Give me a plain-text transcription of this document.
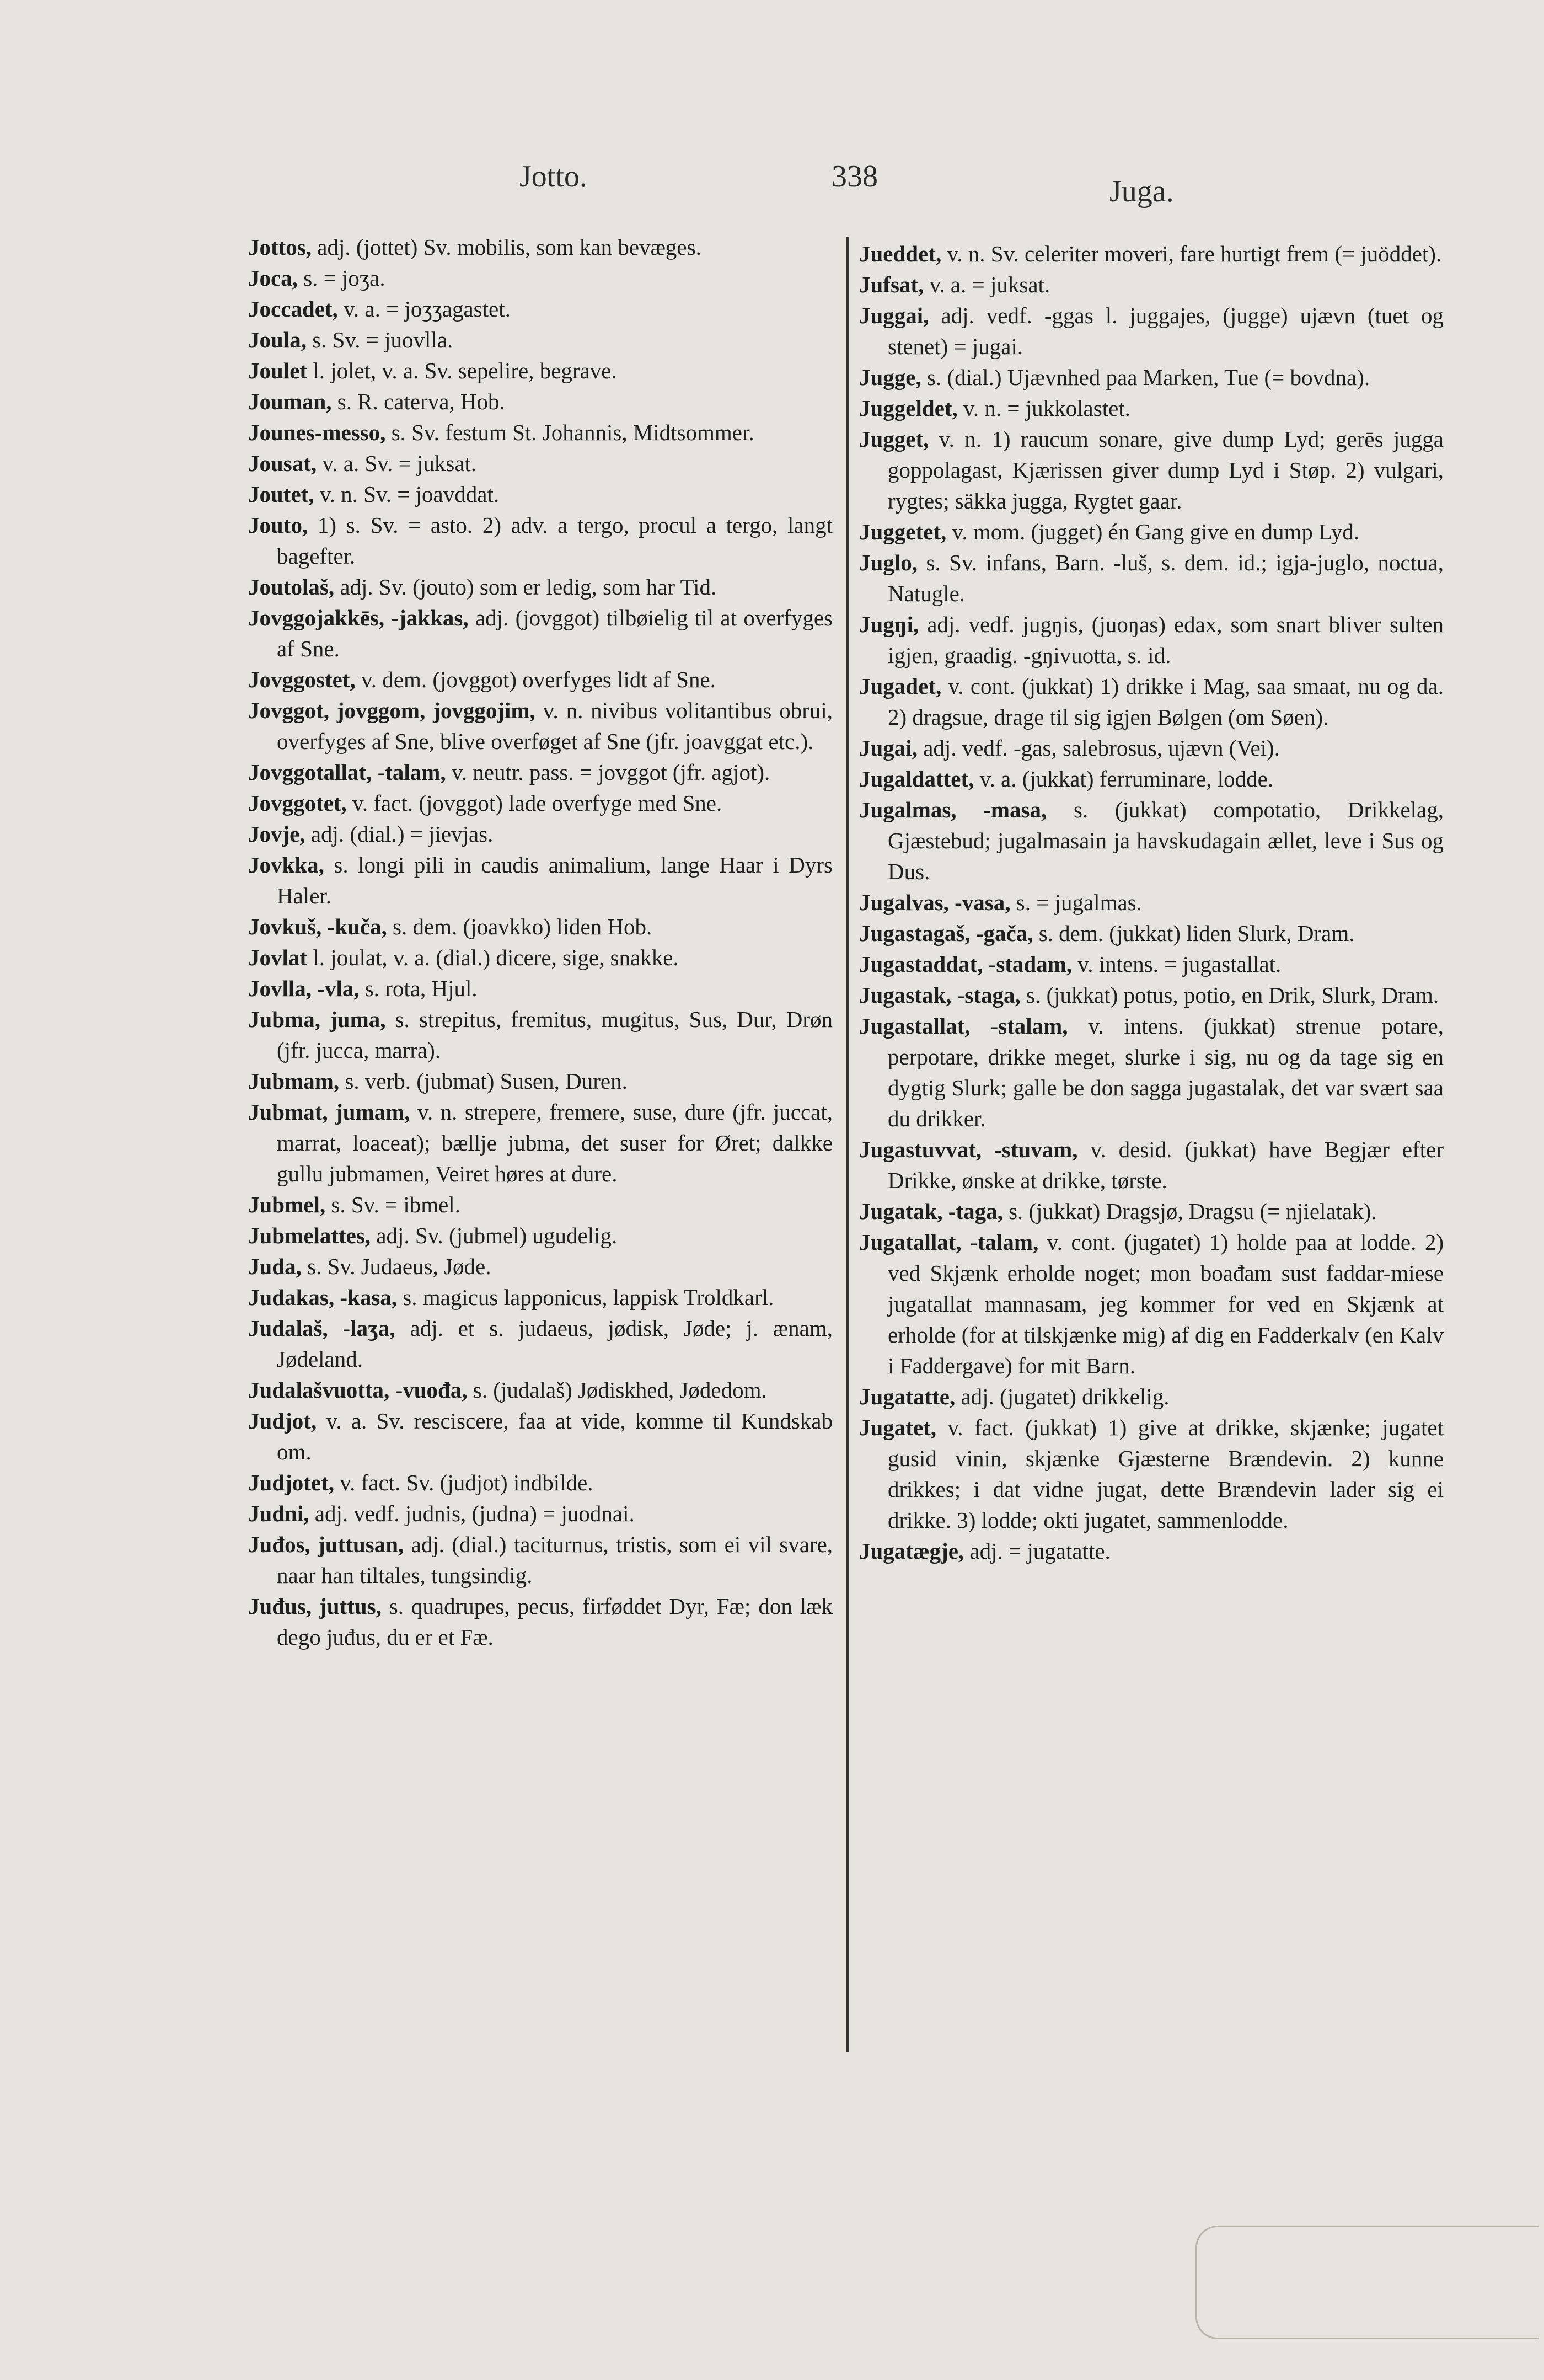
Jotto.	338	Juga.

Jottos, adj. (jottet) Sv. mobilis, som kan bevæges.

Joca, s. = joʒa.

Joccadet, v. a. = joʒʒagastet.

Joula, s. Sv. = juovlla.

Joulet l. jolet, v. a. Sv. sepelire, begrave.

Jouman, s. R. caterva, Hob.

Jounes-messo, s. Sv. festum St. Johannis, Midtsommer.

Jousat, v. a. Sv. = juksat.

Joutet, v. n. Sv. = joavddat.

Jouto, 1) s. Sv. = asto. 2) adv. a tergo, procul a tergo, langt bagefter.

Joutolaš, adj. Sv. (jouto) som er ledig, som har Tid.

Jovggojakkēs, -jakkas, adj. (jovggot) tilbøielig til at overfyges af Sne.

Jovggostet, v. dem. (jovggot) overfyges lidt af Sne.

Jovggot, jovggom, jovggojim, v. n. nivibus volitantibus obrui, overfyges af Sne, blive overføget af Sne (jfr. joavggat etc.).

Jovggotallat, -talam, v. neutr. pass. = jovggot (jfr. agjot).

Jovggotet, v. fact. (jovggot) lade overfyge med Sne.

Jovje, adj. (dial.) = jievjas.

Jovkka, s. longi pili in caudis animalium, lange Haar i Dyrs Haler.

Jovkuš, -kuča, s. dem. (joavkko) liden Hob.

Jovlat l. joulat, v. a. (dial.) dicere, sige, snakke.

Jovlla, -vla, s. rota, Hjul.

Jubma, juma, s. strepitus, fremitus, mugitus, Sus, Dur, Drøn (jfr. jucca, marra).

Jubmam, s. verb. (jubmat) Susen, Duren.

Jubmat, jumam, v. n. strepere, fremere, suse, dure (jfr. juccat, marrat, loaceat); bællje jubma, det suser for Øret; dalkke gullu jubmamen, Veiret høres at dure.

Jubmel, s. Sv. = ibmel.

Jubmelattes, adj. Sv. (jubmel) ugudelig.

Juda, s. Sv. Judaeus, Jøde.

Judakas, -kasa, s. magicus lapponicus, lappisk Troldkarl.

Judalaš, -laʒa, adj. et s. judaeus, jødisk, Jøde; j. ænam, Jødeland.

Judalašvuotta, -vuođa, s. (judalaš) Jødiskhed, Jødedom.

Judjot, v. a. Sv. resciscere, faa at vide, komme til Kundskab om.

Judjotet, v. fact. Sv. (judjot) indbilde.

Judni, adj. vedf. judnis, (judna) = juodnai.

Juđos, juttusan, adj. (dial.) taciturnus, tristis, som ei vil svare, naar han tiltales, tungsindig.

Juđus, juttus, s. quadrupes, pecus, firføddet Dyr, Fæ; don læk dego juđus, du er et Fæ.

Jueddet, v. n. Sv. celeriter moveri, fare hurtigt frem (= juöddet).

Jufsat, v. a. = juksat.

Juggai, adj. vedf. -ggas l. juggajes, (jugge) ujævn (tuet og stenet) = jugai.

Jugge, s. (dial.) Ujævnhed paa Marken, Tue (= bovdna).

Juggeldet, v. n. = jukkolastet.

Jugget, v. n. 1) raucum sonare, give dump Lyd; gerēs jugga goppolagast, Kjærissen giver dump Lyd i Støp. 2) vulgari, rygtes; säkka jugga, Rygtet gaar.

Juggetet, v. mom. (jugget) én Gang give en dump Lyd.

Juglo, s. Sv. infans, Barn. -luš, s. dem. id.; igja-juglo, noctua, Natugle.

Jugŋi, adj. vedf. jugŋis, (juoŋas) edax, som snart bliver sulten igjen, graadig. -gŋivuotta, s. id.

Jugadet, v. cont. (jukkat) 1) drikke i Mag, saa smaat, nu og da. 2) dragsue, drage til sig igjen Bølgen (om Søen).

Jugai, adj. vedf. -gas, salebrosus, ujævn (Vei).

Jugaldattet, v. a. (jukkat) ferruminare, lodde.

Jugalmas, -masa, s. (jukkat) compotatio, Drikkelag, Gjæstebud; jugalmasain ja havskudagain ællet, leve i Sus og Dus.

Jugalvas, -vasa, s. = jugalmas.

Jugastagaš, -gača, s. dem. (jukkat) liden Slurk, Dram.

Jugastaddat, -stadam, v. intens. = jugastallat.

Jugastak, -staga, s. (jukkat) potus, potio, en Drik, Slurk, Dram.

Jugastallat, -stalam, v. intens. (jukkat) strenue potare, perpotare, drikke meget, slurke i sig, nu og da tage sig en dygtig Slurk; galle be don sagga jugastalak, det var svært saa du drikker.

Jugastuvvat, -stuvam, v. desid. (jukkat) have Begjær efter Drikke, ønske at drikke, tørste.

Jugatak, -taga, s. (jukkat) Dragsjø, Dragsu (= njielatak).

Jugatallat, -talam, v. cont. (jugatet) 1) holde paa at lodde. 2) ved Skjænk erholde noget; mon boađam sust faddar-miese jugatallat mannasam, jeg kommer for ved en Skjænk at erholde (for at tilskjænke mig) af dig en Fadderkalv (en Kalv i Faddergave) for mit Barn.

Jugatatte, adj. (jugatet) drikkelig.

Jugatet, v. fact. (jukkat) 1) give at drikke, skjænke; jugatet gusid vinin, skjænke Gjæsterne Brændevin. 2) kunne drikkes; i dat vidne jugat, dette Brændevin lader sig ei drikke. 3) lodde; okti jugatet, sammenlodde.

Jugatægje, adj. = jugatatte.
